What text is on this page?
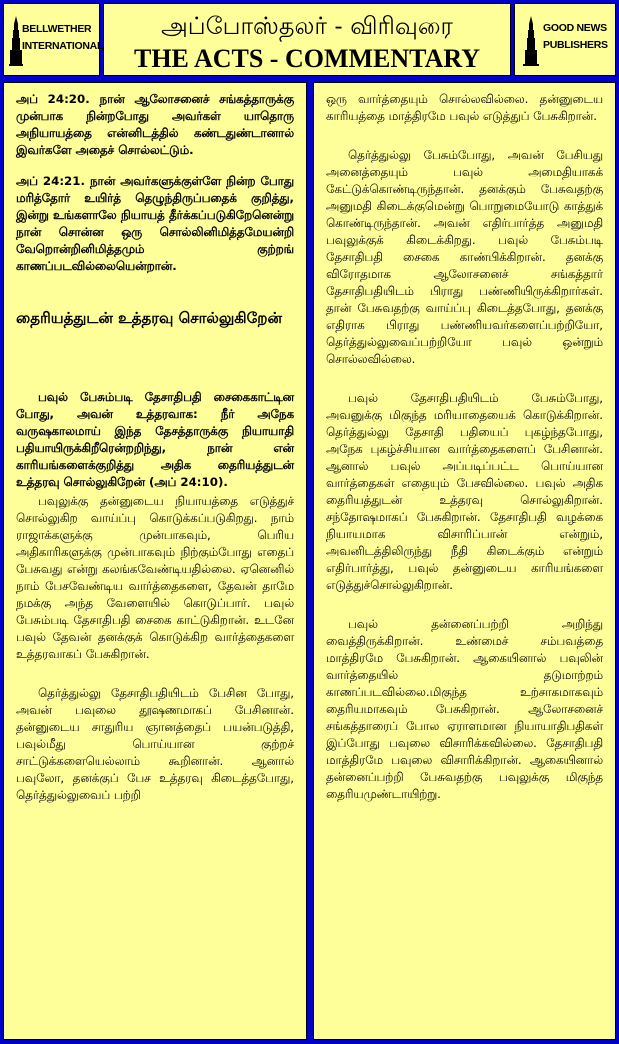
BELLWETHER
INTERNATIONAL
அப்போஸ்தலர் - விரிவுரை
THE ACTS - COMMENTARY
GOOD NEWS
PUBLISHERS

அப் 24:20. நான் ஆலோசனைச் சங்கத்தாருக்கு முன்பாக நின்றபோது அவர்கள் யாதொரு அநியாயத்தை என்னிடத்தில் கண்டதுண்டானால் இவர்களே அதைச் சொல்லட்டும்.

அப் 24:21. நான் அவர்களுக்குள்ளே நின்ற போது மரித்தோர் உயிர்த் தெழுந்திருப்பதைக் குறித்து, இன்று உங்களாலே நியாயத் தீர்க்கப்படுகிறேனென்று நான் சொன்ன ஒரு சொல்லினிமித்தமேயன்றி வேறொன்றினிமித்தமும் குற்றங் காணப்படவில்லையென்றான்.

தைரியத்துடன் உத்தரவு சொல்லுகிறேன்

பவுல் பேசும்படி தேசாதிபதி சைகைகாட்டின போது, அவன் உத்தரவாக: நீர் அநேக வருஷகாலமாய் இந்த தேசத்தாருக்கு நியாயாதி பதியாயிருக்கிறீரென்றறிந்து, நான் என் காரியங்களைக்குறித்து அதிக தைரியத்துடன் உத்தரவு சொல்லுகிறேன் (அப் 24:10).

பவுலுக்கு தன்னுடைய நியாயத்தை எடுத்துச் சொல்லுகிற வாய்ப்பு கொடுக்கப்படுகிறது. நாம் ராஜாக்களுக்கு முன்பாகவும், பெரிய அதிகாரிகளுக்கு முன்பாகவும் நிற்கும்போது எதைப் பேசுவது என்று கலங்கவேண்டியதில்லை. ஏனெனில் நாம் பேசவேண்டிய வார்த்தைகளை, தேவன் தாமே நமக்கு அந்த வேளையில் கொடுப்பார். பவுல் பேசும்படி தேசாதிபதி சைகை காட்டுகிறான். உடனே பவுல் தேவன் தனக்குக் கொடுக்கிற வார்த்தைகளை உத்தரவாகப் பேசுகிறான்.

தெர்த்துல்லு தேசாதிபதியிடம் பேசின போது, அவன் பவுலை தூஷணமாகப் பேசினான். தன்னுடைய சாதுரிய ஞானத்தைப் பயன்படுத்தி, பவுல்மீது பொய்யான குற்றச் சாட்டுக்களையெல்லாம் கூறினான். ஆனால் பவுலோ, தனக்குப் பேச உத்தரவு கிடைத்தபோது, தெர்த்துல்லுவைப் பற்றி

ஒரு வார்த்தையும் சொல்லவில்லை. தன்னுடைய காரியத்தை மாத்திரமே பவுல் எடுத்துப் பேசுகிறான்.

தெர்த்துல்லு பேசும்போது, அவன் பேசியது அனைத்தையும் பவுல் அமைதியாகக் கேட்டுக்கொண்டிருந்தான். தனக்கும் பேசுவதற்கு அனுமதி கிடைக்குமென்று பொறுமையோடு காத்துக் கொண்டிருந்தான். அவன் எதிர்பார்த்த அனுமதி பவுலுக்குக் கிடைக்கிறது. பவுல் பேசும்படி தேசாதிபதி சைகை காண்பிக்கிறான். தனக்கு விரோதமாக ஆலோசனைச் சங்கத்தார் தேசாதிபதியிடம் பிராது பண்ணியிருக்கிறார்கள். தான் பேசுவதற்கு வாய்ப்பு கிடைத்தபோது, தனக்கு எதிராக பிராது பண்ணியவர்களைப்பற்றியோ, தெர்த்துல்லுவைப்பற்றியோ பவுல் ஒன்றும் சொல்லவில்லை.

பவுல் தேசாதிபதியிடம் பேசும்போது, அவனுக்கு மிகுந்த மரியாதையைக் கொடுக்கிறான். தெர்த்துல்லு தேசாதி பதியைப் புகழ்ந்தபோது, அநேக புகழ்ச்சியான வார்த்தைகளைப் பேசினான். ஆனால் பவுல் அப்படிப்பட்ட பொய்யான வார்த்தைகள் எதையும் பேசவில்லை. பவுல் அதிக தைரியத்துடன் உத்தரவு சொல்லுகிறான். சந்தோஷமாகப் பேசுகிறான். தேசாதிபதி வழக்கை நியாயமாக விசாரிப்பான் என்றும், அவனிடத்திலிருந்து நீதி கிடைக்கும் என்றும் எதிர்பார்த்து, பவுல் தன்னுடைய காரியங்களை எடுத்துச்சொல்லுகிறான்.

பவுல் தன்னைப்பற்றி அறிந்து வைத்திருக்கிறான். உண்மைச் சம்பவத்தை மாத்திரமே பேசுகிறான். ஆகையினால் பவுலின் வார்த்தையில் தடுமாற்றம் காணப்படவில்லை.மிகுந்த உற்சாகமாகவும் தைரியமாகவும் பேசுகிறான். ஆலோசனைச் சங்கத்தாரைப் போல ஏராளமான நியாயாதிபதிகள் இப்போது பவுலை விசாரிக்கவில்லை. தேசாதிபதி மாத்திரமே பவுலை விசாரிக்கிறான். ஆகையினால் தன்னைப்பற்றி பேசுவதற்கு பவுலுக்கு மிகுந்த தைரியமுண்டாயிற்று.
